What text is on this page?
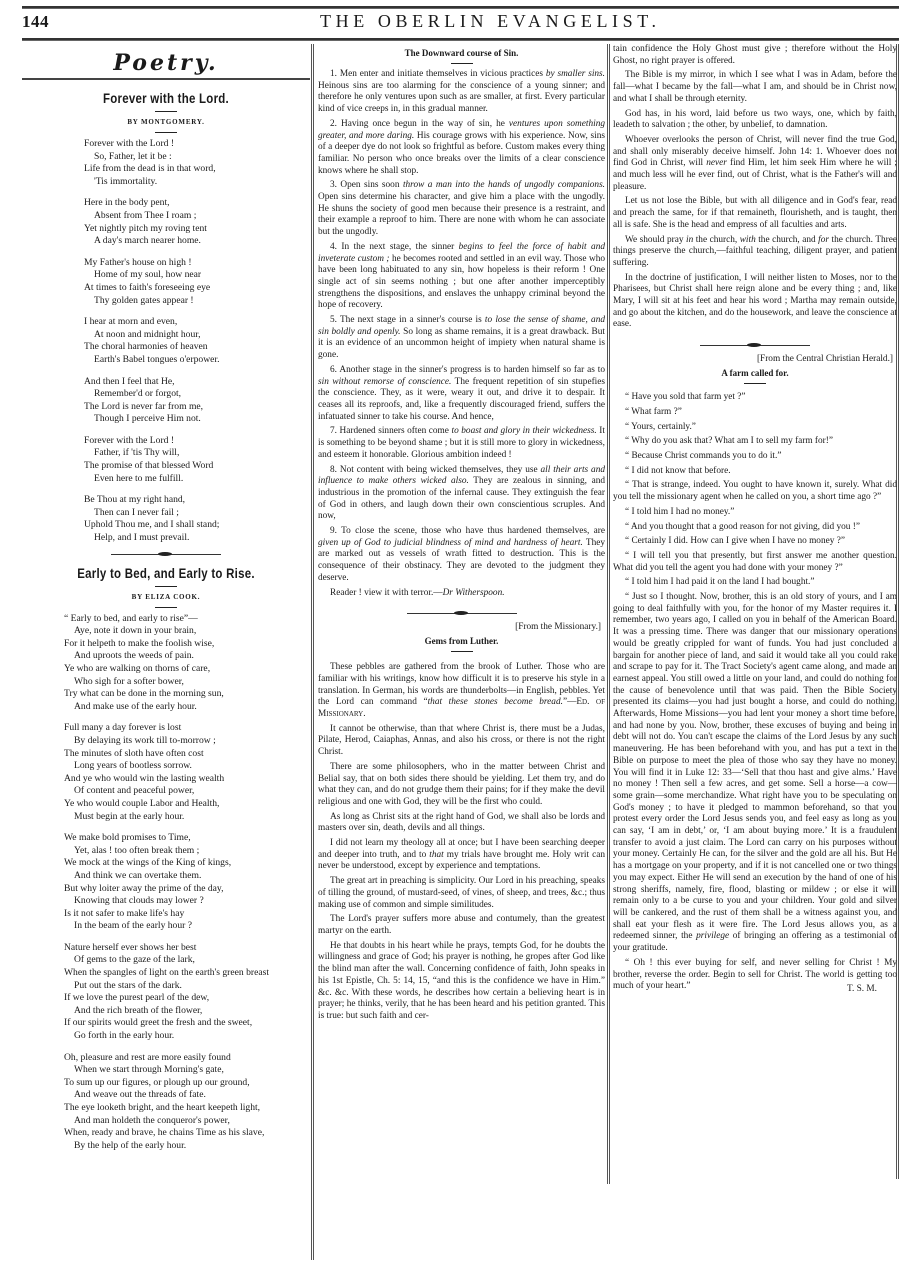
144	THE OBERLIN EVANGELIST.
Poetry.
Forever with the Lord.
BY MONTGOMERY.
Forever with the Lord !
So, Father, let it be :
Life from the dead is in that word,
'Tis immortality.
Here in the body pent,
Absent from Thee I roam ;
Yet nightly pitch my roving tent
A day's march nearer home.
My Father's house on high !
Home of my soul, how near
At times to faith's foreseeing eye
Thy golden gates appear !
I hear at morn and even,
At noon and midnight hour,
The choral harmonies of heaven
Earth's Babel tongues o'erpower.
And then I feel that He,
Remember'd or forgot,
The Lord is never far from me,
Though I perceive Him not.
Forever with the Lord !
Father, if 'tis Thy will,
The promise of that blessed Word
Even here to me fulfill.
Be Thou at my right hand,
Then can I never fail ;
Uphold Thou me, and I shall stand;
Help, and I must prevail.
Early to Bed, and Early to Rise.
BY ELIZA COOK.
“ Early to bed, and early to rise”—
Aye, note it down in your brain,
For it helpeth to make the foolish wise,
And uproots the weeds of pain.
Ye who are walking on thorns of care,
Who sigh for a softer bower,
Try what can be done in the morning sun,
And make use of the early hour.
Full many a day forever is lost
By delaying its work till to-morrow ;
The minutes of sloth have often cost
Long years of bootless sorrow.
And ye who would win the lasting wealth
Of content and peaceful power,
Ye who would couple Labor and Health,
Must begin at the early hour.
We make bold promises to Time,
Yet, alas ! too often break them ;
We mock at the wings of the King of kings,
And think we can overtake them.
But why loiter away the prime of the day,
Knowing that clouds may lower ?
Is it not safer to make life's hay
In the beam of the early hour ?
Nature herself ever shows her best
Of gems to the gaze of the lark,
When the spangles of light on the earth's green breast
Put out the stars of the dark.
If we love the purest pearl of the dew,
And the rich breath of the flower,
If our spirits would greet the fresh and the sweet,
Go forth in the early hour.
Oh, pleasure and rest are more easily found
When we start through Morning's gate,
To sum up our figures, or plough up our ground,
And weave out the threads of fate.
The eye looketh bright, and the heart keepeth light,
And man holdeth the conqueror's power,
When, ready and brave, he chains Time as his slave,
By the help of the early hour.
The Downward course of Sin.

1. Men enter and initiate themselves in vicious practices by smaller sins. Heinous sins are too alarming for the conscience of a young sinner; and therefore he only ventures upon such as are smaller, at first. Every particular kind of vice creeps in, in this gradual manner.

2. Having once begun in the way of sin, he ventures upon something greater, and more daring. His courage grows with his experience. Now, sins of a deeper dye do not look so frightful as before. Custom makes every thing familiar. No person who once breaks over the limits of a clear conscience knows where he shall stop.

3. Open sins soon throw a man into the hands of ungodly companions. Open sins determine his character, and give him a place with the ungodly. He shuns the society of good men because their presence is a restraint, and their example a reproof to him. There are none with whom he can associate but the ungodly.

4. In the next stage, the sinner begins to feel the force of habit and inveterate custom ; he becomes rooted and settled in an evil way. Those who have been long habituated to any sin, how hopeless is their reform ! One single act of sin seems nothing ; but one after another imperceptibly strengthens the dispositions, and enslaves the unhappy criminal beyond the hope of recovery.

5. The next stage in a sinner's course is to lose the sense of shame, and sin boldly and openly. So long as shame remains, it is a great drawback. But it is an evidence of an uncommon height of impiety when natural shame is gone.

6. Another stage in the sinner's progress is to harden himself so far as to sin without remorse of conscience. The frequent repetition of sin stupefies the conscience. They, as it were, weary it out, and drive it to despair. It ceases all its reproofs, and, like a frequently discouraged friend, suffers the infatuated sinner to take his course. And hence,

7. Hardened sinners often come to boast and glory in their wickedness. It is something to be beyond shame ; but it is still more to glory in wickedness, and esteem it honorable. Glorious ambition indeed !

8. Not content with being wicked themselves, they use all their arts and influence to make others wicked also. They are zealous in sinning, and industrious in the promotion of the infernal cause. They extinguish the fear of God in others, and laugh down their own conscientious scruples. And now,

9. To close the scene, those who have thus hardened themselves, are given up of God to judicial blindness of mind and hardness of heart. They are marked out as vessels of wrath fitted to destruction. This is the consequence of their obstinacy. They are devoted to the judgment they deserve.

Reader ! view it with terror.—Dr Witherspoon.

[From the Missionary.]
Gems from Luther.

These pebbles are gathered from the brook of Luther. Those who are familiar with his writings, know how difficult it is to preserve his style in a translation. In German, his words are thunderbolts—in English, pebbles. Yet the Lord can command “that these stones become bread.”—Ed. of Missionary.

It cannot be otherwise, than that where Christ is, there must be a Judas, Pilate, Herod, Caiaphas, Annas, and also his cross, or there is not the right Christ.

There are some philosophers, who in the matter between Christ and Belial say, that on both sides there should be yielding. Let them try, and do what they can, and do not grudge them their pains; for if they make the devil religious and one with God, they will be the first who could.

As long as Christ sits at the right hand of God, we shall also be lords and masters over sin, death, devils and all things.

I did not learn my theology all at once; but I have been searching deeper and deeper into truth, and to that my trials have brought me. Holy writ can never be understood, except by experience and temptations.

The great art in preaching is simplicity. Our Lord in his preaching, speaks of tilling the ground, of mustard-seed, of vines, of sheep, and trees, &c.; thus making use of common and simple similitudes.

The Lord's prayer suffers more abuse and contumely, than the greatest martyr on the earth.

He that doubts in his heart while he prays, tempts God, for he doubts the willingness and grace of God; his prayer is nothing, he gropes after God like the blind man after the wall. Concerning confidence of faith, John speaks in his 1st Epistle, Ch. 5: 14, 15, “and this is the confidence we have in Him.” &c. &c. With these words, he describes how certain a believing heart is in prayer; he thinks, verily, that he has been heard and his petition granted. This is true: but such faith and cer-

tain confidence the Holy Ghost must give ; therefore without the Holy Ghost, no right prayer is offered.

The Bible is my mirror, in which I see what I was in Adam, before the fall—what I became by the fall—what I am, and should be in Christ now, and what I shall be through eternity.

God has, in his word, laid before us two ways, one, which by faith, leadeth to salvation ; the other, by unbelief, to damnation.

Whoever overlooks the person of Christ, will never find the true God, and shall only miserably deceive himself. John 14: 1. Whoever does not find God in Christ, will never find Him, let him seek Him where he will ; and much less will he ever find, out of Christ, what is the Father's will and pleasure.

Let us not lose the Bible, but with all diligence and in God's fear, read and preach the same, for if that remaineth, flourisheth, and is taught, then all is safe. She is the head and empress of all faculties and arts.

We should pray in the church, with the church, and for the church. Three things preserve the church,—faithful teaching, diligent prayer, and patient suffering.

In the doctrine of justification, I will neither listen to Moses, nor to the Pharisees, but Christ shall here reign alone and be every thing ; and, like Mary, I will sit at his feet and hear his word ; Martha may remain outside, and go about the kitchen, and do the housework, and leave the conscience at ease.

[From the Central Christian Herald.]
A farm called for.

“ Have you sold that farm yet ?”

“ What farm ?”

“ Yours, certainly.”

“ Why do you ask that? What am I to sell my farm for!”

“ Because Christ commands you to do it.”

“ I did not know that before.

“ That is strange, indeed. You ought to have known it, surely. What did you tell the missionary agent when he called on you, a short time ago ?”

“ I told him I had no money.”

“ And you thought that a good reason for not giving, did you !”

“ Certainly I did. How can I give when I have no money ?”

“ I will tell you that presently, but first answer me another question. What did you tell the agent you had done with your money ?”

“ I told him I had paid it on the land I had bought.”

“ Just so I thought. Now, brother, this is an old story of yours, and I am going to deal faithfully with you, for the honor of my Master requires it. I remember, two years ago, I called on you in behalf of the American Board. It was a pressing time. There was danger that our missionary operations would be greatly crippled for want of funds. You had just concluded a bargain for another piece of land, and said it would take all you could rake and scrape to pay for it. The Tract Society's agent came along, and made an earnest appeal. You still owed a little on your land, and could do nothing for the cause of benevolence until that was paid. Then the Bible Society presented its claims—you had just bought a horse, and could do nothing. Afterwards, Home Missions—you had lent your money a short time before, and had none by you. Now, brother, these excuses of buying and being in debt will not do. You can't escape the claims of the Lord Jesus by any such maneuvering. He has been beforehand with you, and has put a text in the Bible on purpose to meet the plea of those who say they have no money. You will find it in Luke 12: 33—‘Sell that thou hast and give alms.’ Have no money ! Then sell a few acres, and get some. Sell a horse—a cow—some grain—some merchandize. What right have you to be speculating on God's money ; to have it pledged to mammon beforehand, so that you protest every order the Lord Jesus sends you, and feel easy as long as you can say, ‘I am in debt,’ or, ‘I am about buying more.’ It is a fraudulent transfer to avoid a just claim. The Lord can carry on his purposes without your money. Certainly He can, for the silver and the gold are all his. But He has a mortgage on your property, and if it is not cancelled one or two things you may expect. Either He will send an execution by the hand of one of his strong sheriffs, namely, fire, flood, blasting or mildew ; or else it will remain only to a be curse to you and your children. Your gold and silver will be cankered, and the rust of them shall be a witness against you, and shall eat your flesh as it were fire. The Lord Jesus allows you, as a redeemed sinner, the privilege of bringing an offering as a testimonial of your gratitude.

“ Oh ! this ever buying for self, and never selling for Christ ! My brother, reverse the order. Begin to sell for Christ. The world is getting too much of your heart.”	T. S. M.
